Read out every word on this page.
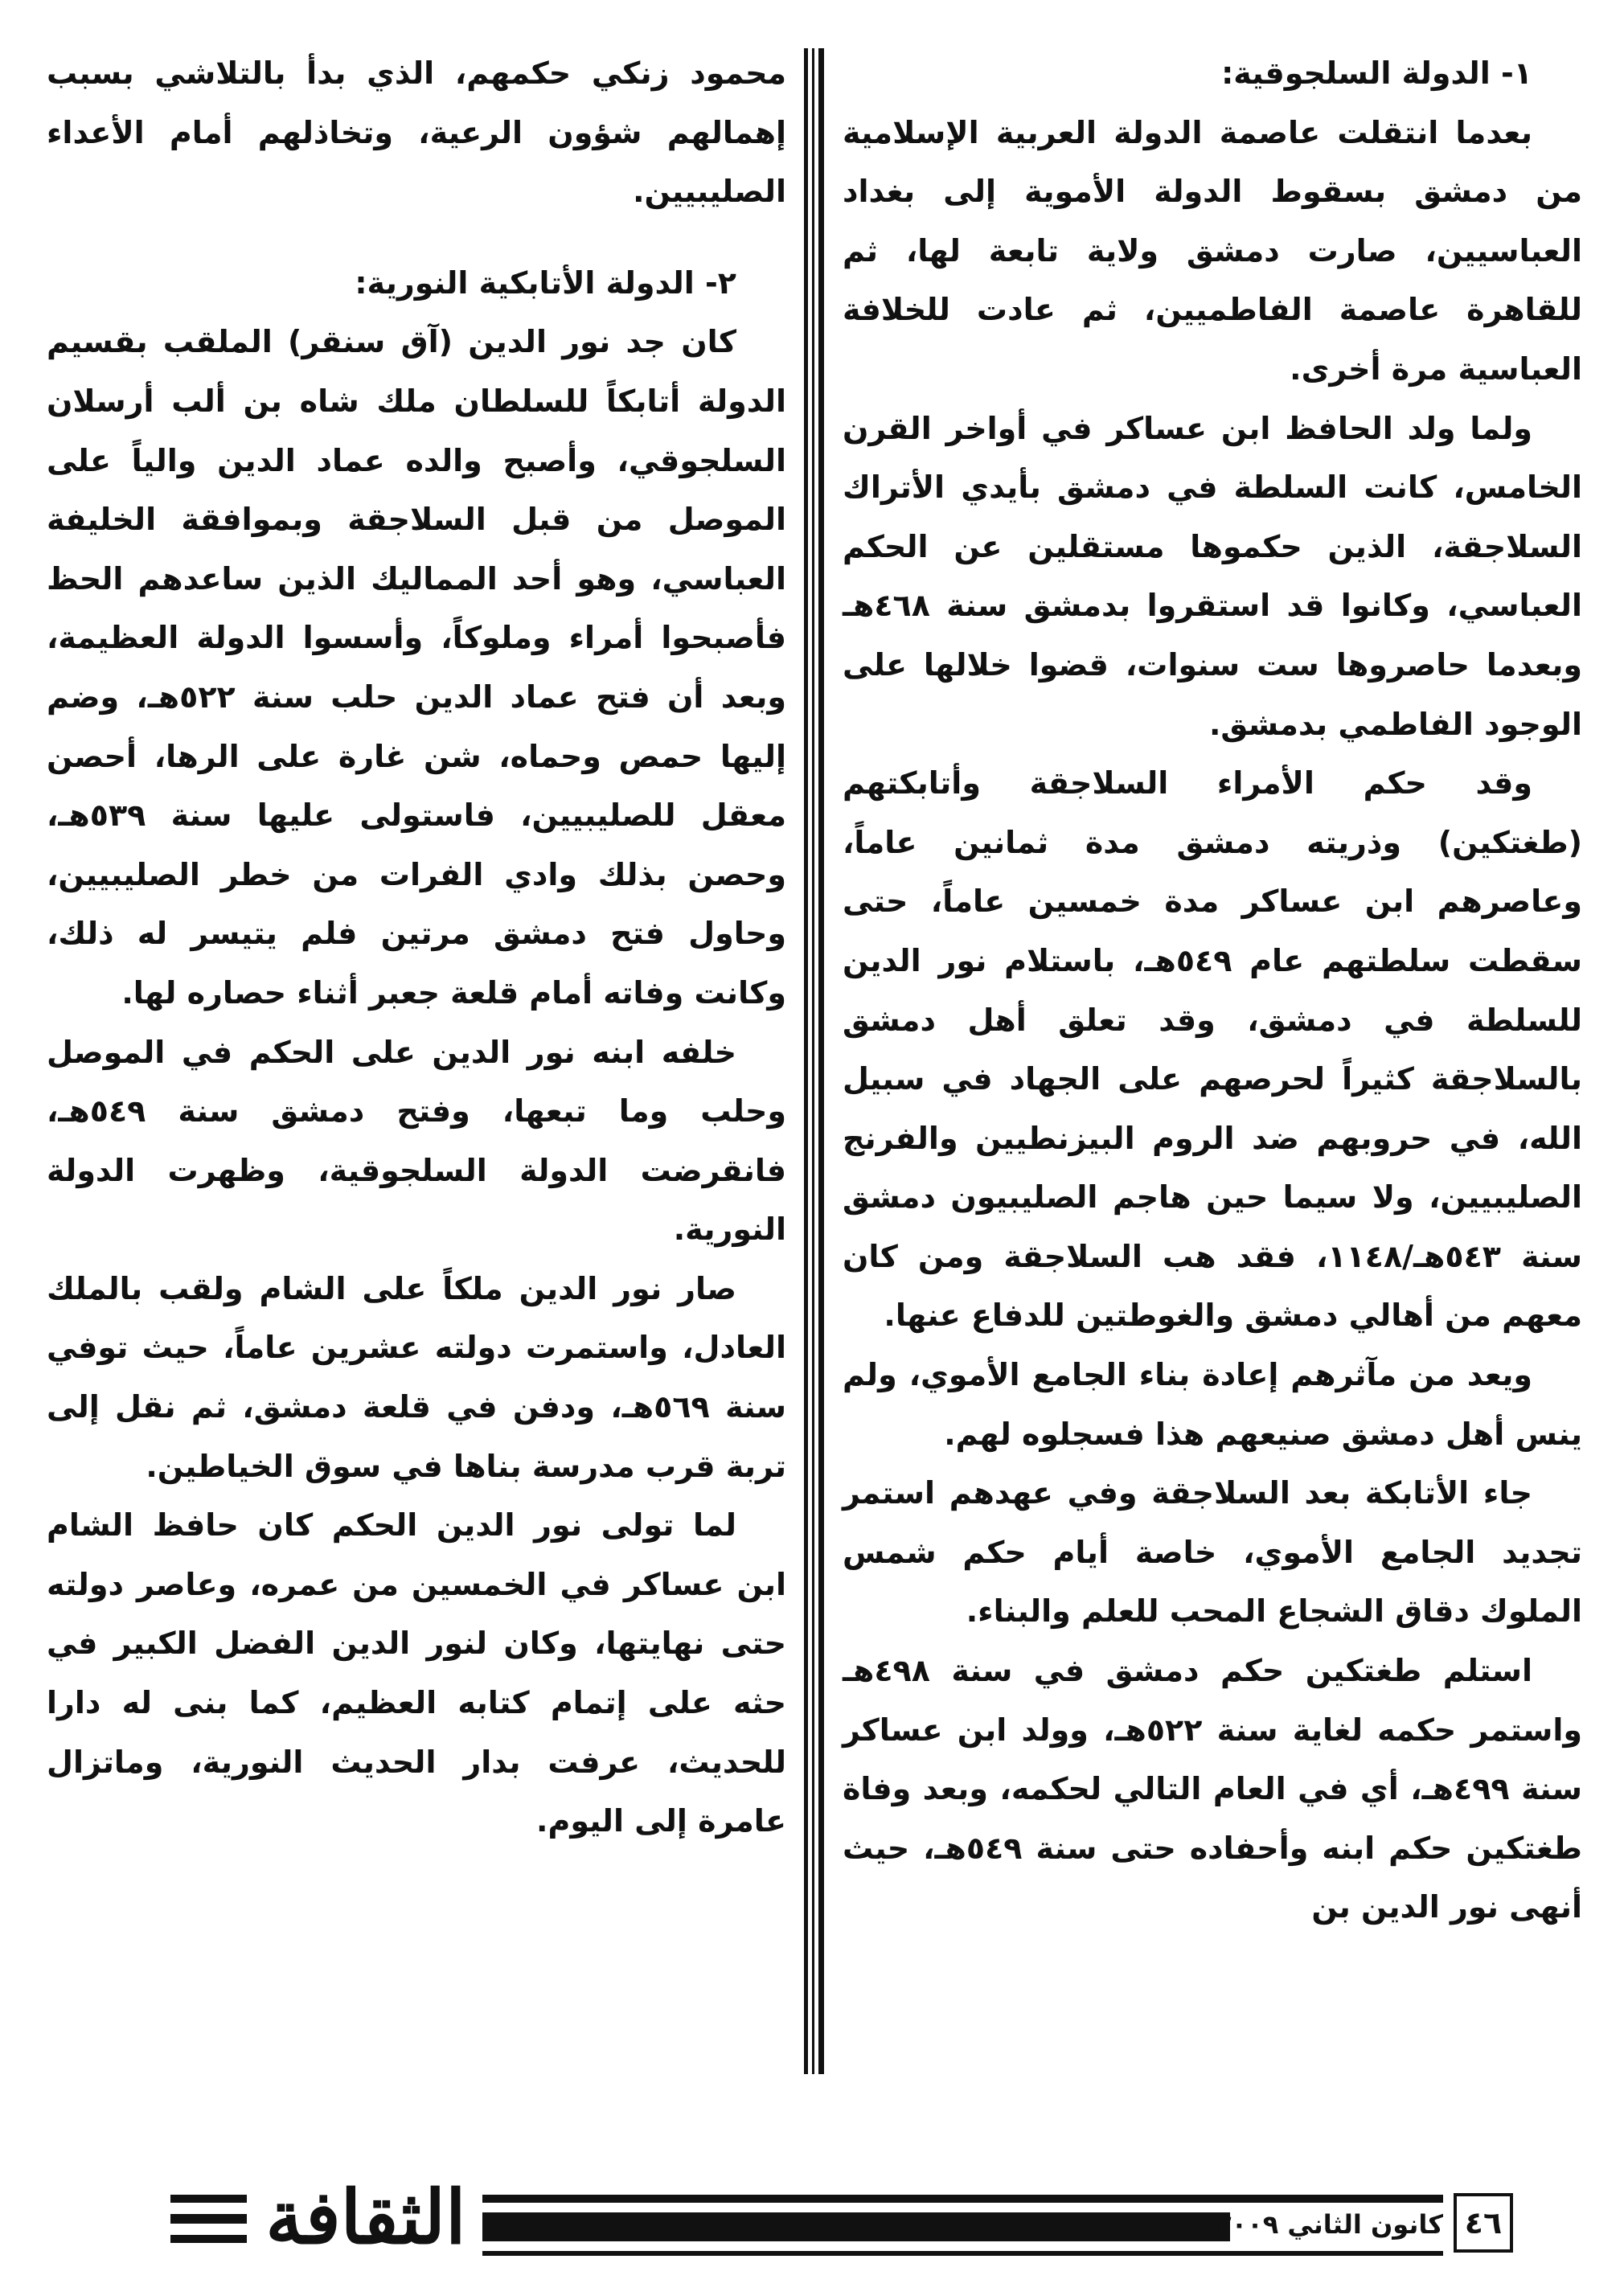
١- الدولة السلجوقية:

بعدما انتقلت عاصمة الدولة العربية الإسلامية من دمشق بسقوط الدولة الأموية إلى بغداد العباسيين، صارت دمشق ولاية تابعة لها، ثم للقاهرة عاصمة الفاطميين، ثم عادت للخلافة العباسية مرة أخرى.

ولما ولد الحافظ ابن عساكر في أواخر القرن الخامس، كانت السلطة في دمشق بأيدي الأتراك السلاجقة، الذين حكموها مستقلين عن الحكم العباسي، وكانوا قد استقروا بدمشق سنة ٤٦٨هـ وبعدما حاصروها ست سنوات، قضوا خلالها على الوجود الفاطمي بدمشق.

وقد حكم الأمراء السلاجقة وأتابكتهم (طغتكين) وذريته دمشق مدة ثمانين عاماً، وعاصرهم ابن عساكر مدة خمسين عاماً، حتى سقطت سلطتهم عام ٥٤٩هـ، باستلام نور الدين للسلطة في دمشق، وقد تعلق أهل دمشق بالسلاجقة كثيراً لحرصهم على الجهاد في سبيل الله، في حروبهم ضد الروم البيزنطيين والفرنج الصليبيين، ولا سيما حين هاجم الصليبيون دمشق سنة ٥٤٣هـ/١١٤٨، فقد هب السلاجقة ومن كان معهم من أهالي دمشق والغوطتين للدفاع عنها.

ويعد من مآثرهم إعادة بناء الجامع الأموي، ولم ينس أهل دمشق صنيعهم هذا فسجلوه لهم.

جاء الأتابكة بعد السلاجقة وفي عهدهم استمر تجديد الجامع الأموي، خاصة أيام حكم شمس الملوك دقاق الشجاع المحب للعلم والبناء.

استلم طغتكين حكم دمشق في سنة ٤٩٨هـ واستمر حكمه لغاية سنة ٥٢٢هـ، وولد ابن عساكر سنة ٤٩٩هـ، أي في العام التالي لحكمه، وبعد وفاة طغتكين حكم ابنه وأحفاده حتى سنة ٥٤٩هـ، حيث أنهى نور الدين بن

محمود زنكي حكمهم، الذي بدأ بالتلاشي بسبب إهمالهم شؤون الرعية، وتخاذلهم أمام الأعداء الصليبيين.

٢- الدولة الأتابكية النورية:

كان جد نور الدين (آق سنقر) الملقب بقسيم الدولة أتابكاً للسلطان ملك شاه بن ألب أرسلان السلجوقي، وأصبح والده عماد الدين والياً على الموصل من قبل السلاجقة وبموافقة الخليفة العباسي، وهو أحد المماليك الذين ساعدهم الحظ فأصبحوا أمراء وملوكاً، وأسسوا الدولة العظيمة، وبعد أن فتح عماد الدين حلب سنة ٥٢٢هـ، وضم إليها حمص وحماه، شن غارة على الرها، أحصن معقل للصليبيين، فاستولى عليها سنة ٥٣٩هـ، وحصن بذلك وادي الفرات من خطر الصليبيين، وحاول فتح دمشق مرتين فلم يتيسر له ذلك، وكانت وفاته أمام قلعة جعبر أثناء حصاره لها.

خلفه ابنه نور الدين على الحكم في الموصل وحلب وما تبعها، وفتح دمشق سنة ٥٤٩هـ، فانقرضت الدولة السلجوقية، وظهرت الدولة النورية.

صار نور الدين ملكاً على الشام ولقب بالملك العادل، واستمرت دولته عشرين عاماً، حيث توفي سنة ٥٦٩هـ، ودفن في قلعة دمشق، ثم نقل إلى تربة قرب مدرسة بناها في سوق الخياطين.

لما تولى نور الدين الحكم كان حافظ الشام ابن عساكر في الخمسين من عمره، وعاصر دولته حتى نهايتها، وكان لنور الدين الفضل الكبير في حثه على إتمام كتابه العظيم، كما بنى له دارا للحديث، عرفت بدار الحديث النورية، وماتزال عامرة إلى اليوم.

الثقافة	كانون الثاني ٢٠٠٩م ٤٦
